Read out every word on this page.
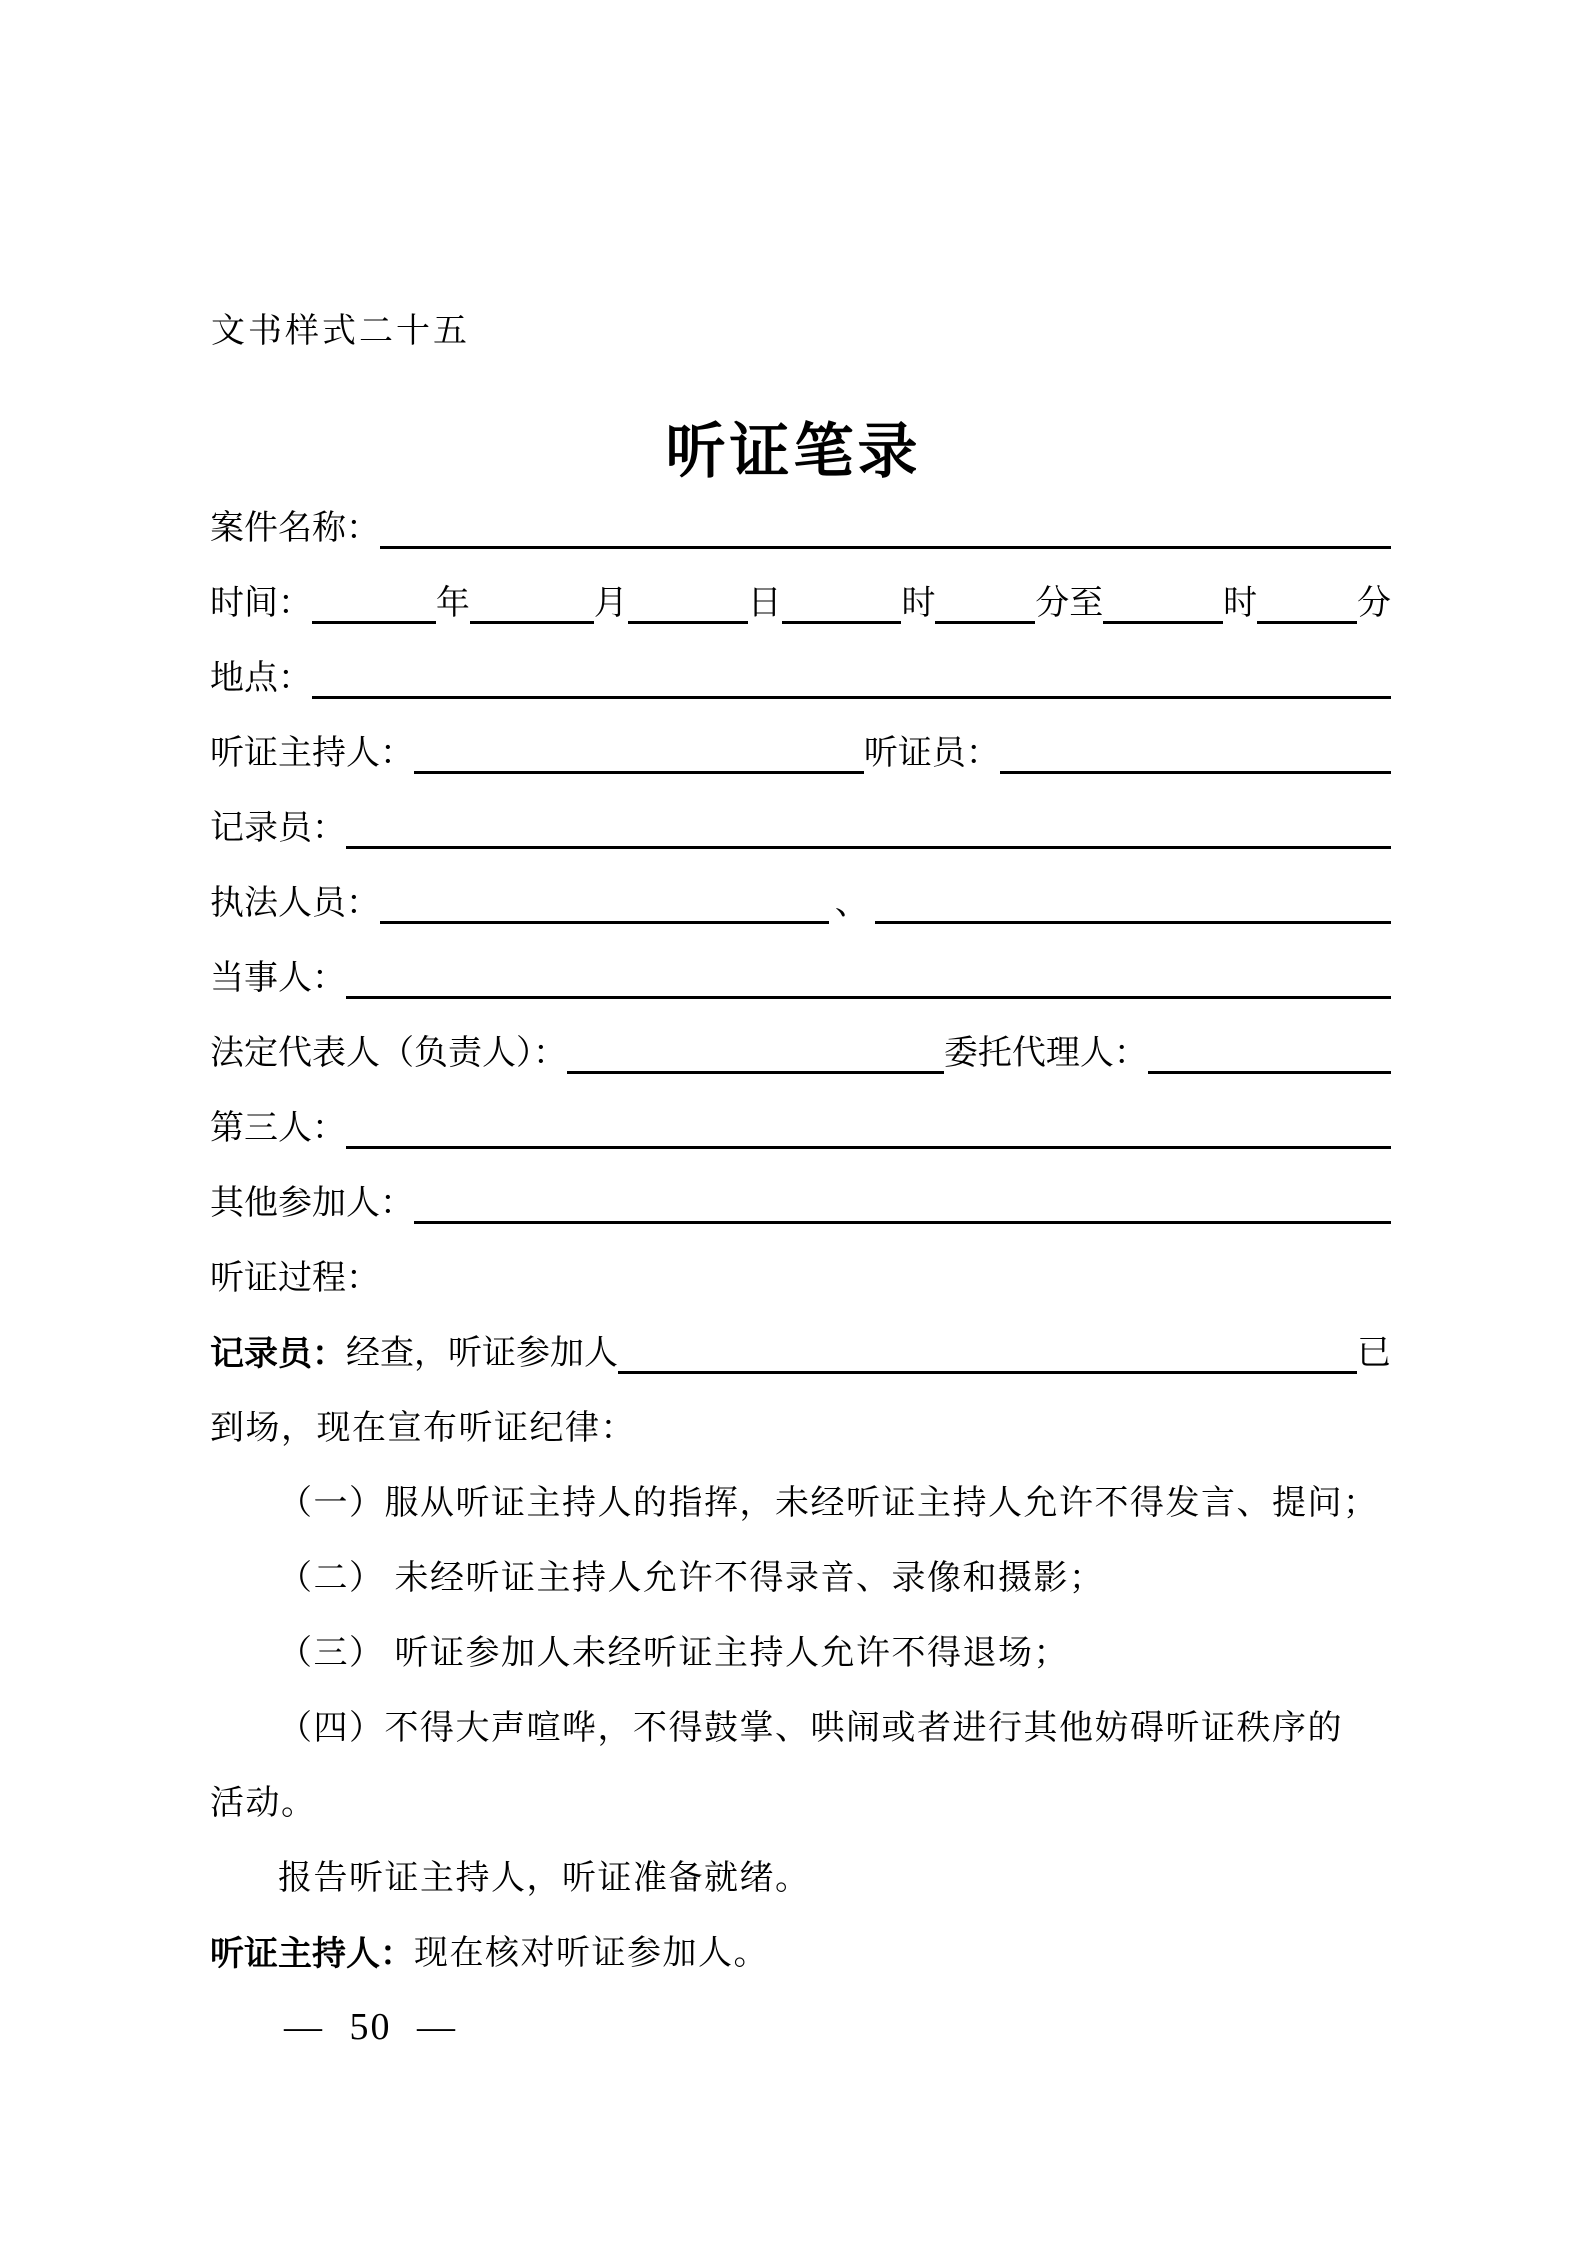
文书样式二十五
听证笔录
案件名称：
时间：	年	月	日	时	分至	时	分
地点：
听证主持人：	听证员：
记录员：
执法人员：	、
当事人：
法定代表人（负责人）：	委托代理人：
第三人：
其他参加人：
听证过程：
记录员： 经查，听证参加人	已
到场，现在宣布听证纪律：
（一）服从听证主持人的指挥，未经听证主持人允许不得发言、提问；
（二） 未经听证主持人允许不得录音、录像和摄影；
（三） 听证参加人未经听证主持人允许不得退场；
（四）不得大声喧哗，不得鼓掌、哄闹或者进行其他妨碍听证秩序的
活动。
报告听证主持人，听证准备就绪。
听证主持人： 现在核对听证参加人。
— 50 —
